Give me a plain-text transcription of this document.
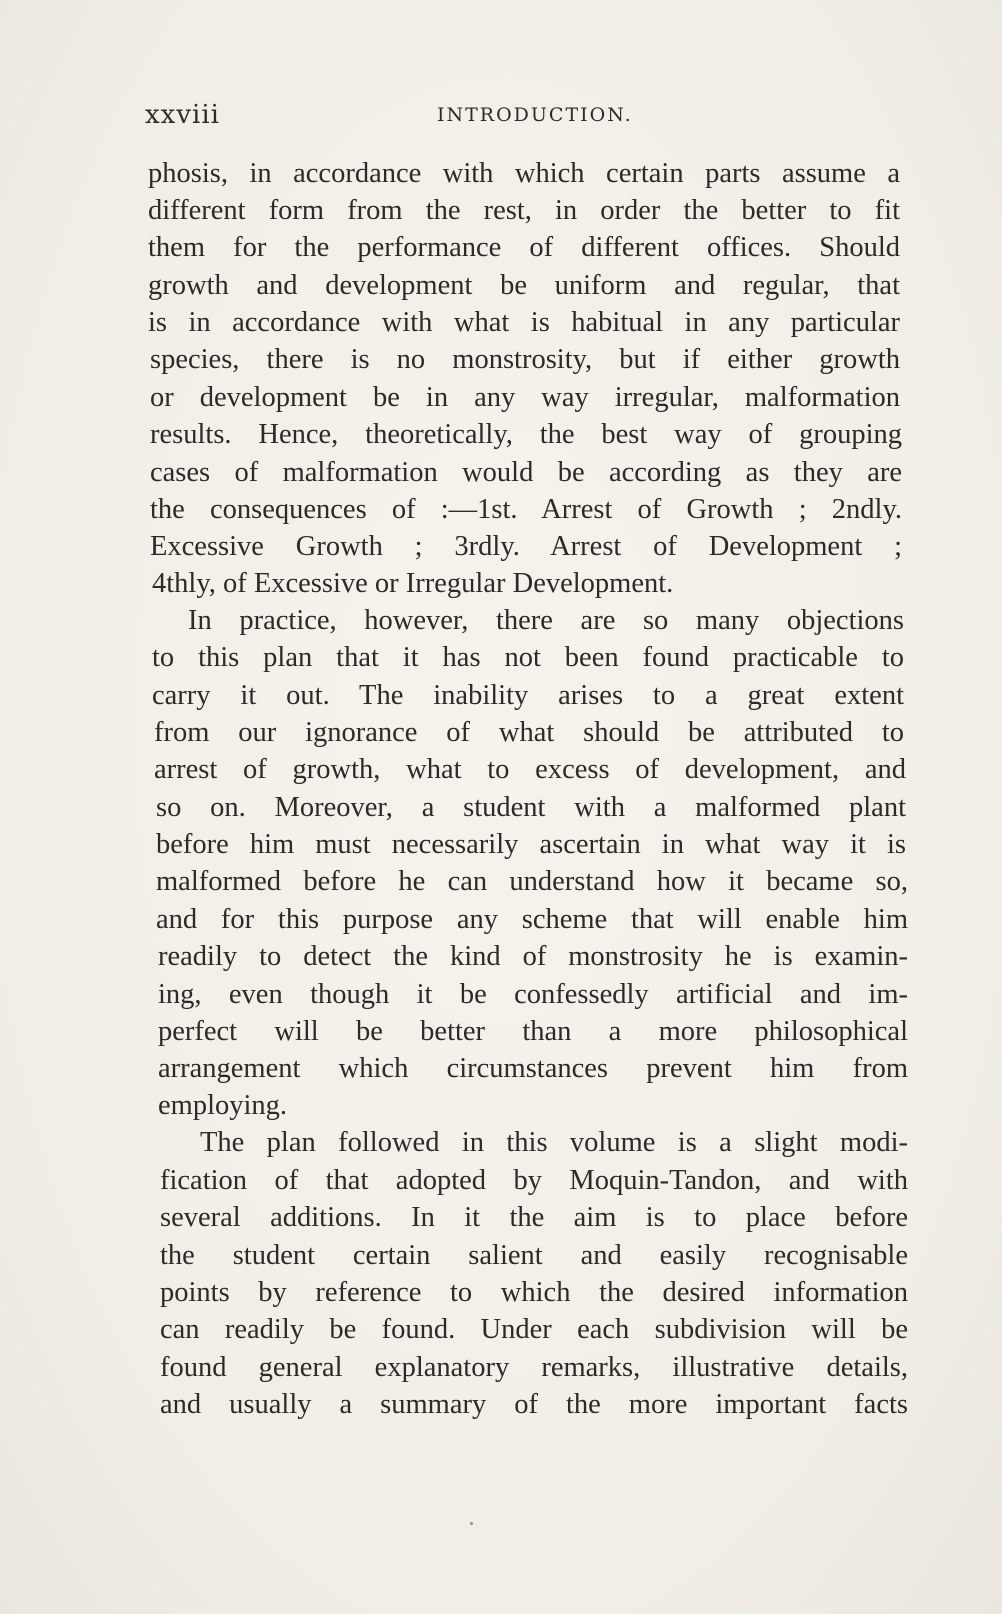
xxviii	INTRODUCTION.
phosis, in accordance with which certain parts assume a
different form from the rest, in order the better to fit
them for the performance of different offices. Should
growth and development be uniform and regular, that
is in accordance with what is habitual in any particular
species, there is no monstrosity, but if either growth
or development be in any way irregular, malformation
results. Hence, theoretically, the best way of grouping
cases of malformation would be according as they are
the consequences of :—1st. Arrest of Growth ; 2ndly.
Excessive Growth ; 3rdly. Arrest of Development ;
4thly, of Excessive or Irregular Development.
In practice, however, there are so many objections
to this plan that it has not been found practicable to
carry it out. The inability arises to a great extent
from our ignorance of what should be attributed to
arrest of growth, what to excess of development, and
so on. Moreover, a student with a malformed plant
before him must necessarily ascertain in what way it is
malformed before he can understand how it became so,
and for this purpose any scheme that will enable him
readily to detect the kind of monstrosity he is examin-
ing, even though it be confessedly artificial and im-
perfect will be better than a more philosophical
arrangement which circumstances prevent him from
employing.
The plan followed in this volume is a slight modi-
fication of that adopted by Moquin-Tandon, and with
several additions. In it the aim is to place before
the student certain salient and easily recognisable
points by reference to which the desired information
can readily be found. Under each subdivision will be
found general explanatory remarks, illustrative details,
and usually a summary of the more important facts
